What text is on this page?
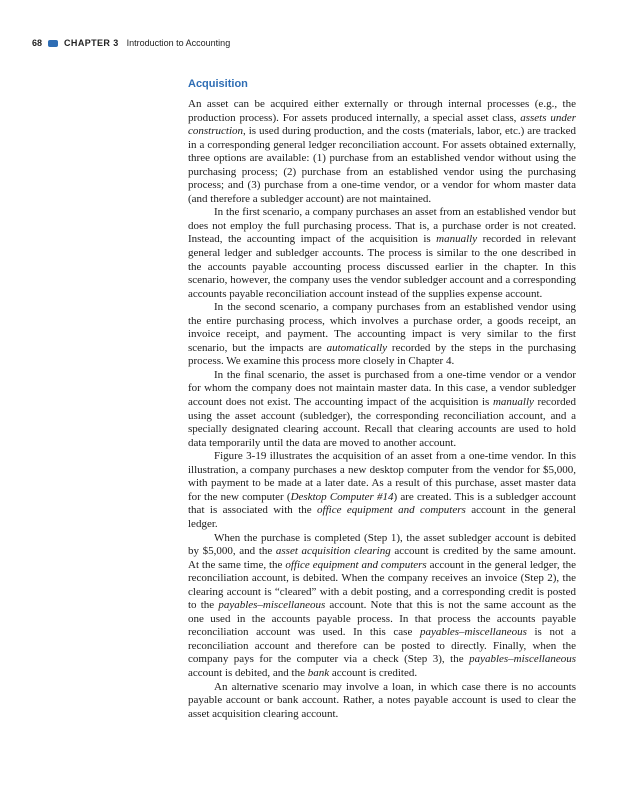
68 CHAPTER 3 Introduction to Accounting
Acquisition

An asset can be acquired either externally or through internal processes (e.g., the production process). For assets produced internally, a special asset class, assets under construction, is used during production, and the costs (materials, labor, etc.) are tracked in a corresponding general ledger reconciliation account. For assets obtained externally, three options are available: (1) purchase from an established vendor without using the purchasing process; (2) purchase from an established vendor using the purchasing process; and (3) purchase from a one-time vendor, or a vendor for whom master data (and therefore a subledger account) are not maintained.

In the first scenario, a company purchases an asset from an established vendor but does not employ the full purchasing process. That is, a purchase order is not created. Instead, the accounting impact of the acquisition is manually recorded in relevant general ledger and subledger accounts. The process is similar to the one described in the accounts payable accounting process discussed earlier in the chapter. In this scenario, however, the company uses the vendor subledger account and a corresponding accounts payable reconciliation account instead of the supplies expense account.

In the second scenario, a company purchases from an established vendor using the entire purchasing process, which involves a purchase order, a goods receipt, an invoice receipt, and payment. The accounting impact is very similar to the first scenario, but the impacts are automatically recorded by the steps in the purchasing process. We examine this process more closely in Chapter 4.

In the final scenario, the asset is purchased from a one-time vendor or a vendor for whom the company does not maintain master data. In this case, a vendor subledger account does not exist. The accounting impact of the acquisition is manually recorded using the asset account (subledger), the corresponding reconciliation account, and a specially designated clearing account. Recall that clearing accounts are used to hold data temporarily until the data are moved to another account.

Figure 3-19 illustrates the acquisition of an asset from a one-time vendor. In this illustration, a company purchases a new desktop computer from the vendor for $5,000, with payment to be made at a later date. As a result of this purchase, asset master data for the new computer (Desktop Computer #14) are created. This is a subledger account that is associated with the office equipment and computers account in the general ledger.

When the purchase is completed (Step 1), the asset subledger account is debited by $5,000, and the asset acquisition clearing account is credited by the same amount. At the same time, the office equipment and computers account in the general ledger, the reconciliation account, is debited. When the company receives an invoice (Step 2), the clearing account is “cleared” with a debit posting, and a corresponding credit is posted to the payables–miscellaneous account. Note that this is not the same account as the one used in the accounts payable process. In that process the accounts payable reconciliation account was used. In this case payables–miscellaneous is not a reconciliation account and therefore can be posted to directly. Finally, when the company pays for the computer via a check (Step 3), the payables–miscellaneous account is debited, and the bank account is credited.

An alternative scenario may involve a loan, in which case there is no accounts payable account or bank account. Rather, a notes payable account is used to clear the asset acquisition clearing account.
